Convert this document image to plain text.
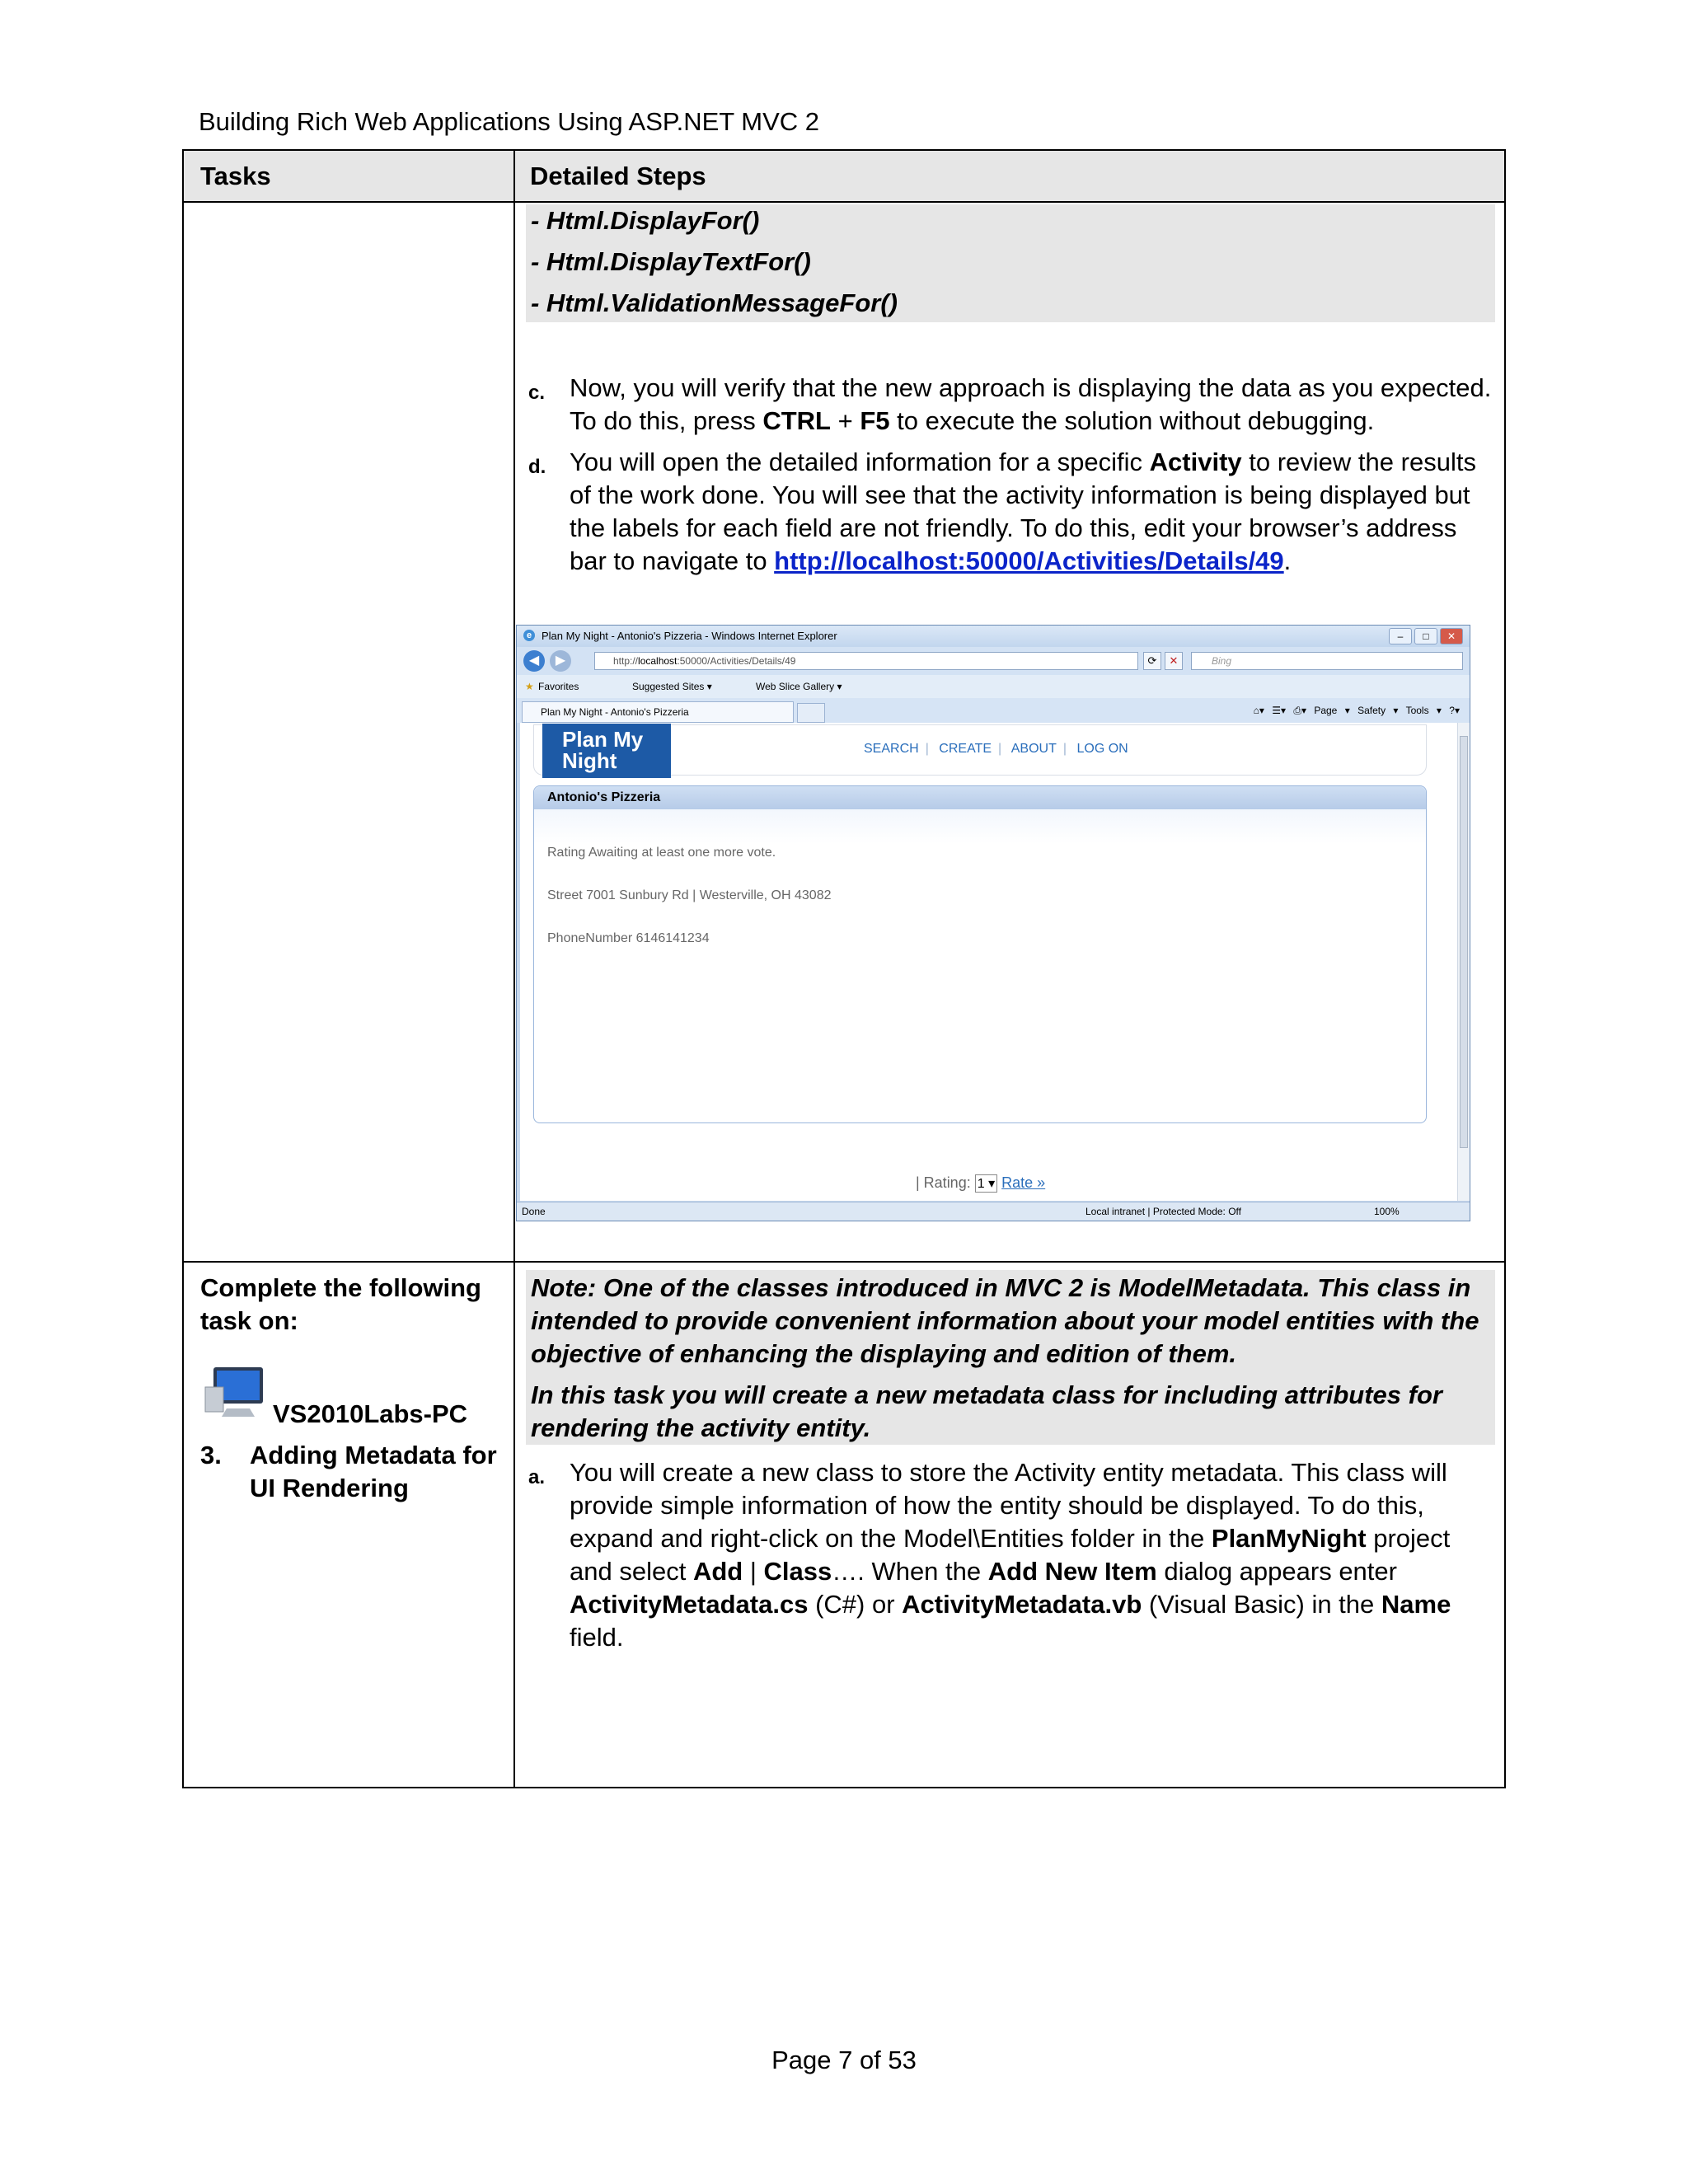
Building Rich Web Applications Using ASP.NET MVC 2
Tasks	Detailed Steps
- Html.DisplayFor()
- Html.DisplayTextFor()
- Html.ValidationMessageFor()
c. Now, you will verify that the new approach is displaying the data as you expected.
To do this, press CTRL + F5 to execute the solution without debugging.
d. You will open the detailed information for a specific Activity to review the results
of the work done. You will see that the activity information is being displayed but
the labels for each field are not friendly. To do this, edit your browser’s address
bar to navigate to http://localhost:50000/Activities/Details/49.
e Plan My Night - Antonio's Pizzeria - Windows Internet Explorer	– □ ✕
◀	▶	http://localhost:50000/Activities/Details/49	⟳	✕	Bing
★ Favorites	Suggested Sites ▾	Web Slice Gallery ▾
Plan My Night - Antonio's Pizzeria	⌂▾ ☰▾ ⎙▾ Page ▾ Safety ▾ Tools ▾ ?▾
Plan My
Night	SEARCH | CREATE | ABOUT | LOG ON
Antonio's Pizzeria
Rating Awaiting at least one more vote.
Street 7001 Sunbury Rd | Westerville, OH 43082
PhoneNumber 6146141234
| Rating: 1 ▾ Rate »
Done	Local intranet | Protected Mode: Off	100%
Complete the following
task on:
VS2010Labs-PC
3. Adding Metadata for
UI Rendering
Note: One of the classes introduced in MVC 2 is ModelMetadata. This class in
intended to provide convenient information about your model entities with the
objective of enhancing the displaying and edition of them.
In this task you will create a new metadata class for including attributes for
rendering the activity entity.
a. You will create a new class to store the Activity entity metadata. This class will
provide simple information of how the entity should be displayed. To do this,
expand and right-click on the Model\Entities folder in the PlanMyNight project
and select Add | Class…. When the Add New Item dialog appears enter
ActivityMetadata.cs (C#) or ActivityMetadata.vb (Visual Basic) in the Name field.
Page 7 of 53
